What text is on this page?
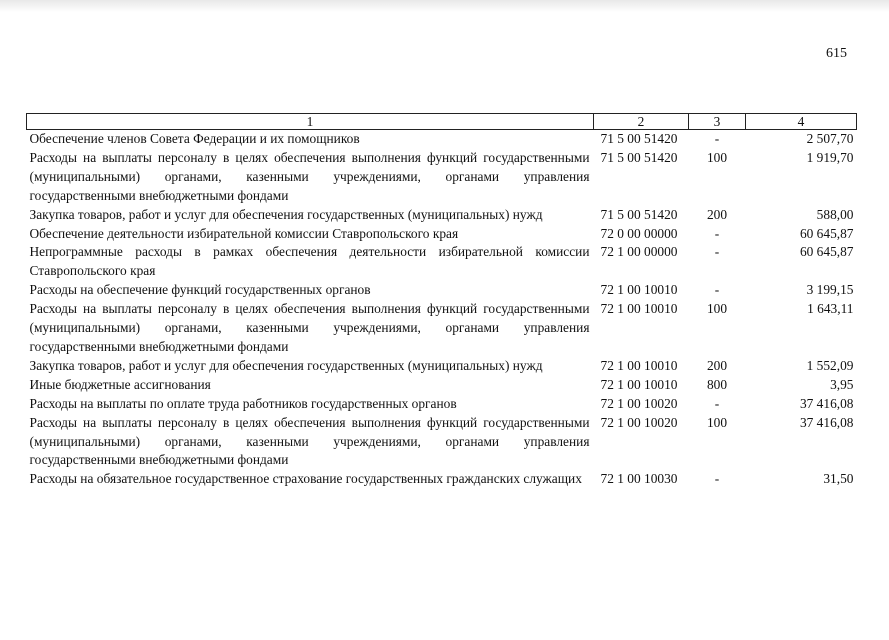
615
1	2	3	4
Обеспечение членов Совета Федерации и их помощников	71 5 00 51420	-	2 507,70
Расходы на выплаты персоналу в целях обеспечения выполнения функций государственными (муниципальными) органами, казенными учреждениями, органами управления государственными внебюджетными фондами	71 5 00 51420	100	1 919,70
Закупка товаров, работ и услуг для обеспечения государственных (муниципальных) нужд	71 5 00 51420	200	588,00
Обеспечение деятельности избирательной комиссии Ставропольского края	72 0 00 00000	-	60 645,87
Непрограммные расходы в рамках обеспечения деятельности избирательной комиссии Ставропольского края	72 1 00 00000	-	60 645,87
Расходы на обеспечение функций государственных органов	72 1 00 10010	-	3 199,15
Расходы на выплаты персоналу в целях обеспечения выполнения функций государственными (муниципальными) органами, казенными учреждениями, органами управления государственными внебюджетными фондами	72 1 00 10010	100	1 643,11
Закупка товаров, работ и услуг для обеспечения государственных (муниципальных) нужд	72 1 00 10010	200	1 552,09
Иные бюджетные ассигнования	72 1 00 10010	800	3,95
Расходы на выплаты по оплате труда работников государственных органов	72 1 00 10020	-	37 416,08
Расходы на выплаты персоналу в целях обеспечения выполнения функций государственными (муниципальными) органами, казенными учреждениями, органами управления государственными внебюджетными фондами	72 1 00 10020	100	37 416,08
Расходы на обязательное государственное страхование государственных гражданских служащих	72 1 00 10030	-	31,50
